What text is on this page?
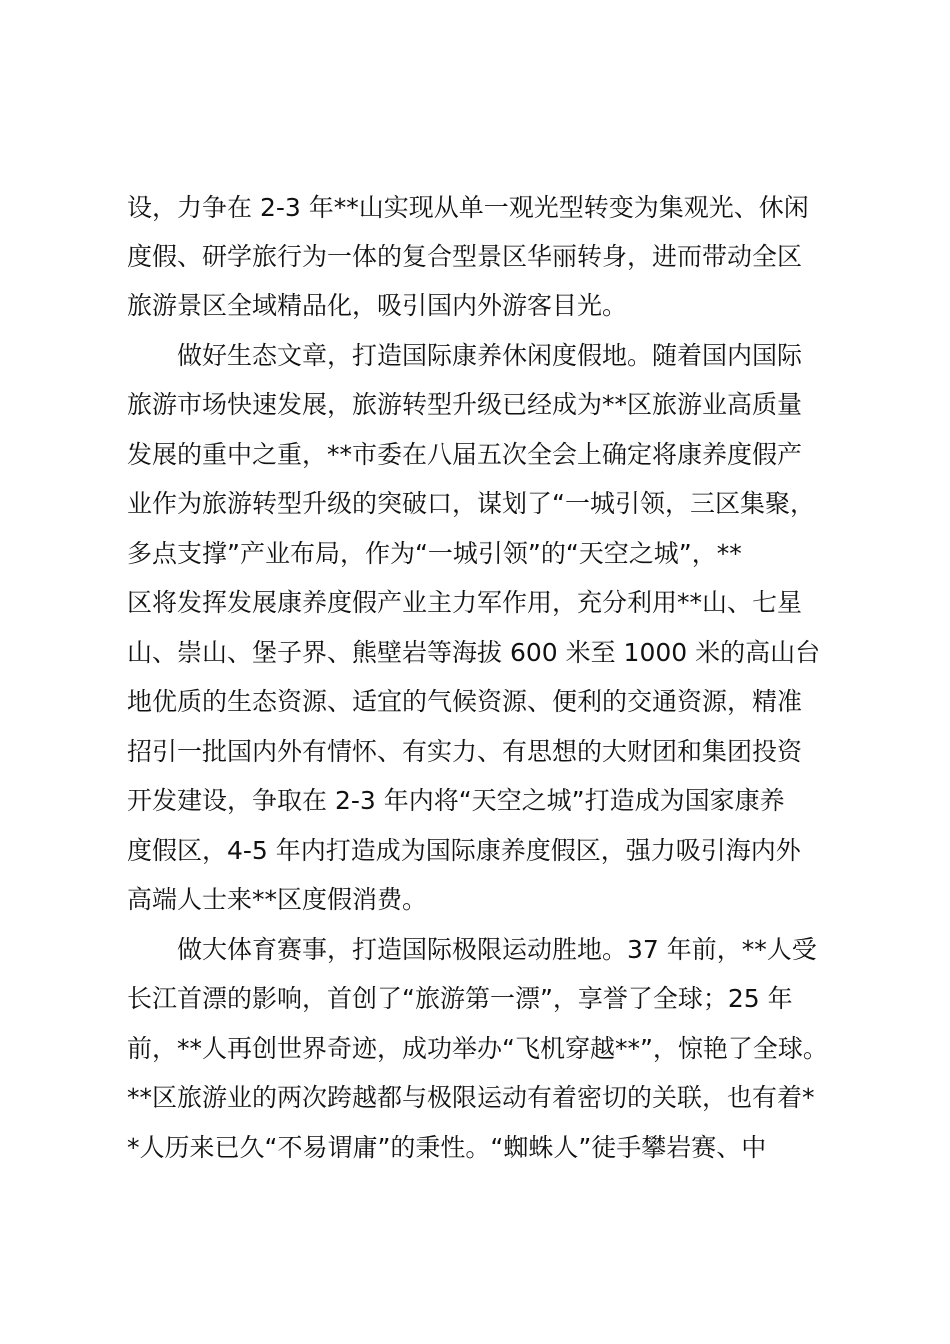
设，力争在 2-3 年**山实现从单一观光型转变为集观光、休闲
度假、研学旅行为一体的复合型景区华丽转身，进而带动全区
旅游景区全域精品化，吸引国内外游客目光。
做好生态文章，打造国际康养休闲度假地。随着国内国际
旅游市场快速发展，旅游转型升级已经成为**区旅游业高质量
发展的重中之重，**市委在八届五次全会上确定将康养度假产
业作为旅游转型升级的突破口，谋划了“一城引领，三区集聚，
多点支撑”产业布局，作为“一城引领”的“天空之城”，**
区将发挥发展康养度假产业主力军作用，充分利用**山、七星
山、崇山、堡子界、熊壁岩等海拔 600 米至 1000 米的高山台
地优质的生态资源、适宜的气候资源、便利的交通资源，精准
招引一批国内外有情怀、有实力、有思想的大财团和集团投资
开发建设，争取在 2-3 年内将“天空之城”打造成为国家康养
度假区，4-5 年内打造成为国际康养度假区，强力吸引海内外
高端人士来**区度假消费。
做大体育赛事，打造国际极限运动胜地。37 年前，**人受
长江首漂的影响，首创了“旅游第一漂”，享誉了全球；25 年
前，**人再创世界奇迹，成功举办“飞机穿越**”，惊艳了全球。
**区旅游业的两次跨越都与极限运动有着密切的关联，也有着*
*人历来已久“不易谓庸”的秉性。“蜘蛛人”徒手攀岩赛、中
